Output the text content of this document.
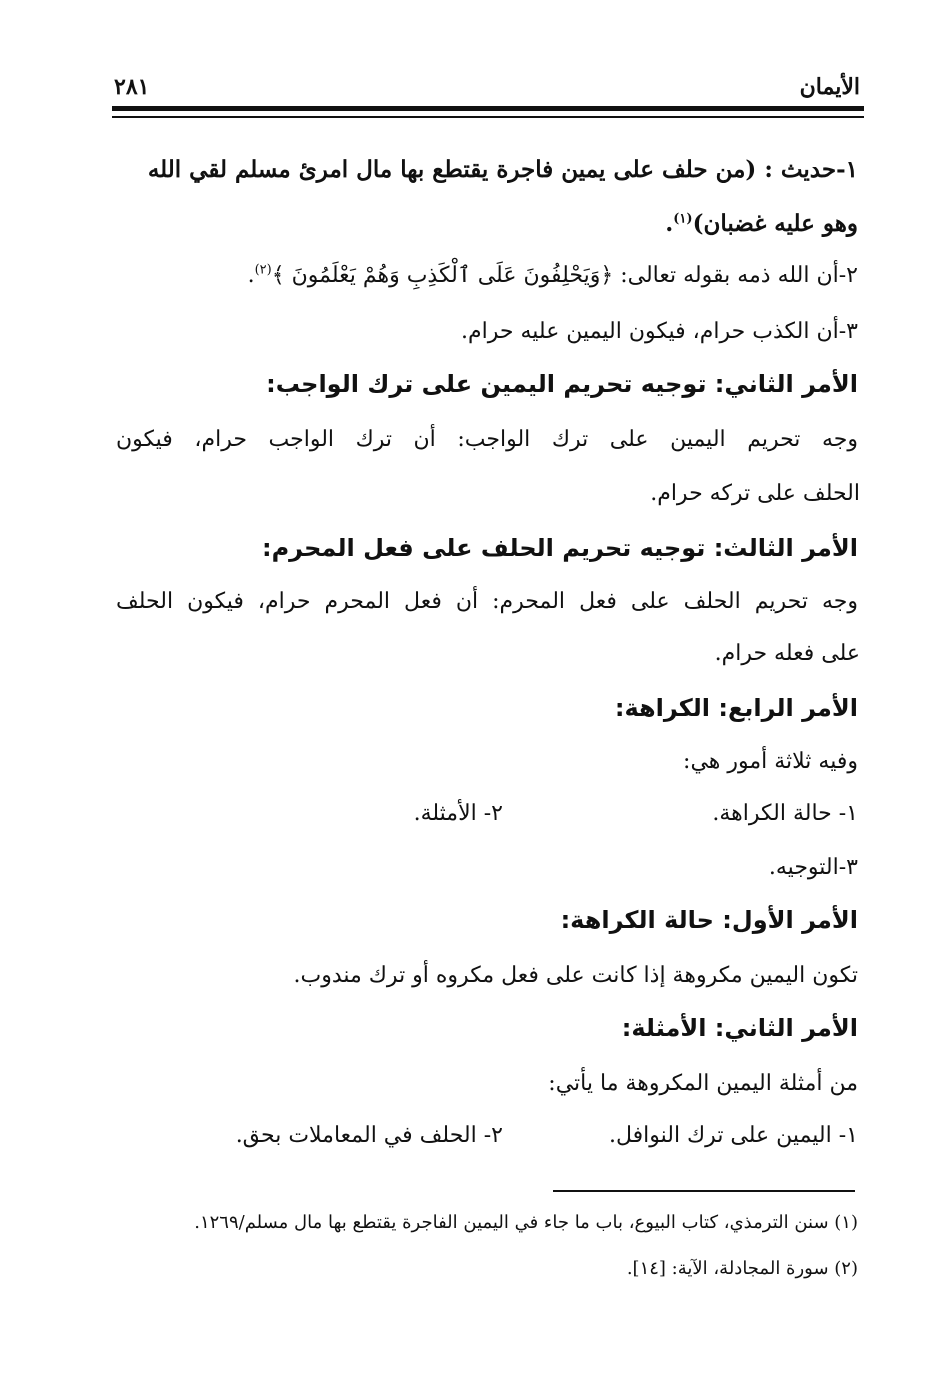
الأيمان
٢٨١
١-حديث : (من حلف على يمين فاجرة يقتطع بها مال امرئ مسلم لقي الله
وهو عليه غضبان)$^{(١)}$.
٢-أن الله ذمه بقوله تعالى: ﴿وَيَحْلِفُونَ عَلَى ٱلْكَذِبِ وَهُمْ يَعْلَمُونَ ﴾$^{(٢)}$.
٣-أن الكذب حرام، فيكون اليمين عليه حرام.
الأمر الثاني: توجيه تحريم اليمين على ترك الواجب:
وجه تحريم اليمين على ترك الواجب: أن ترك الواجب حرام، فيكون
الحلف على تركه حرام.
الأمر الثالث: توجيه تحريم الحلف على فعل المحرم:
وجه تحريم الحلف على فعل المحرم: أن فعل المحرم حرام، فيكون الحلف
على فعله حرام.
الأمر الرابع: الكراهة:
وفيه ثلاثة أمور هي:
١- حالة الكراهة.
٢- الأمثلة.
٣-التوجيه.
الأمر الأول: حالة الكراهة:
تكون اليمين مكروهة إذا كانت على فعل مكروه أو ترك مندوب.
الأمر الثاني: الأمثلة:
من أمثلة اليمين المكروهة ما يأتي:
١- اليمين على ترك النوافل.
٢- الحلف في المعاملات بحق.
(١) سنن الترمذي، كتاب البيوع، باب ما جاء في اليمين الفاجرة يقتطع بها مال مسلم/١٢٦٩.
(٢) سورة المجادلة، الآية: [١٤].
